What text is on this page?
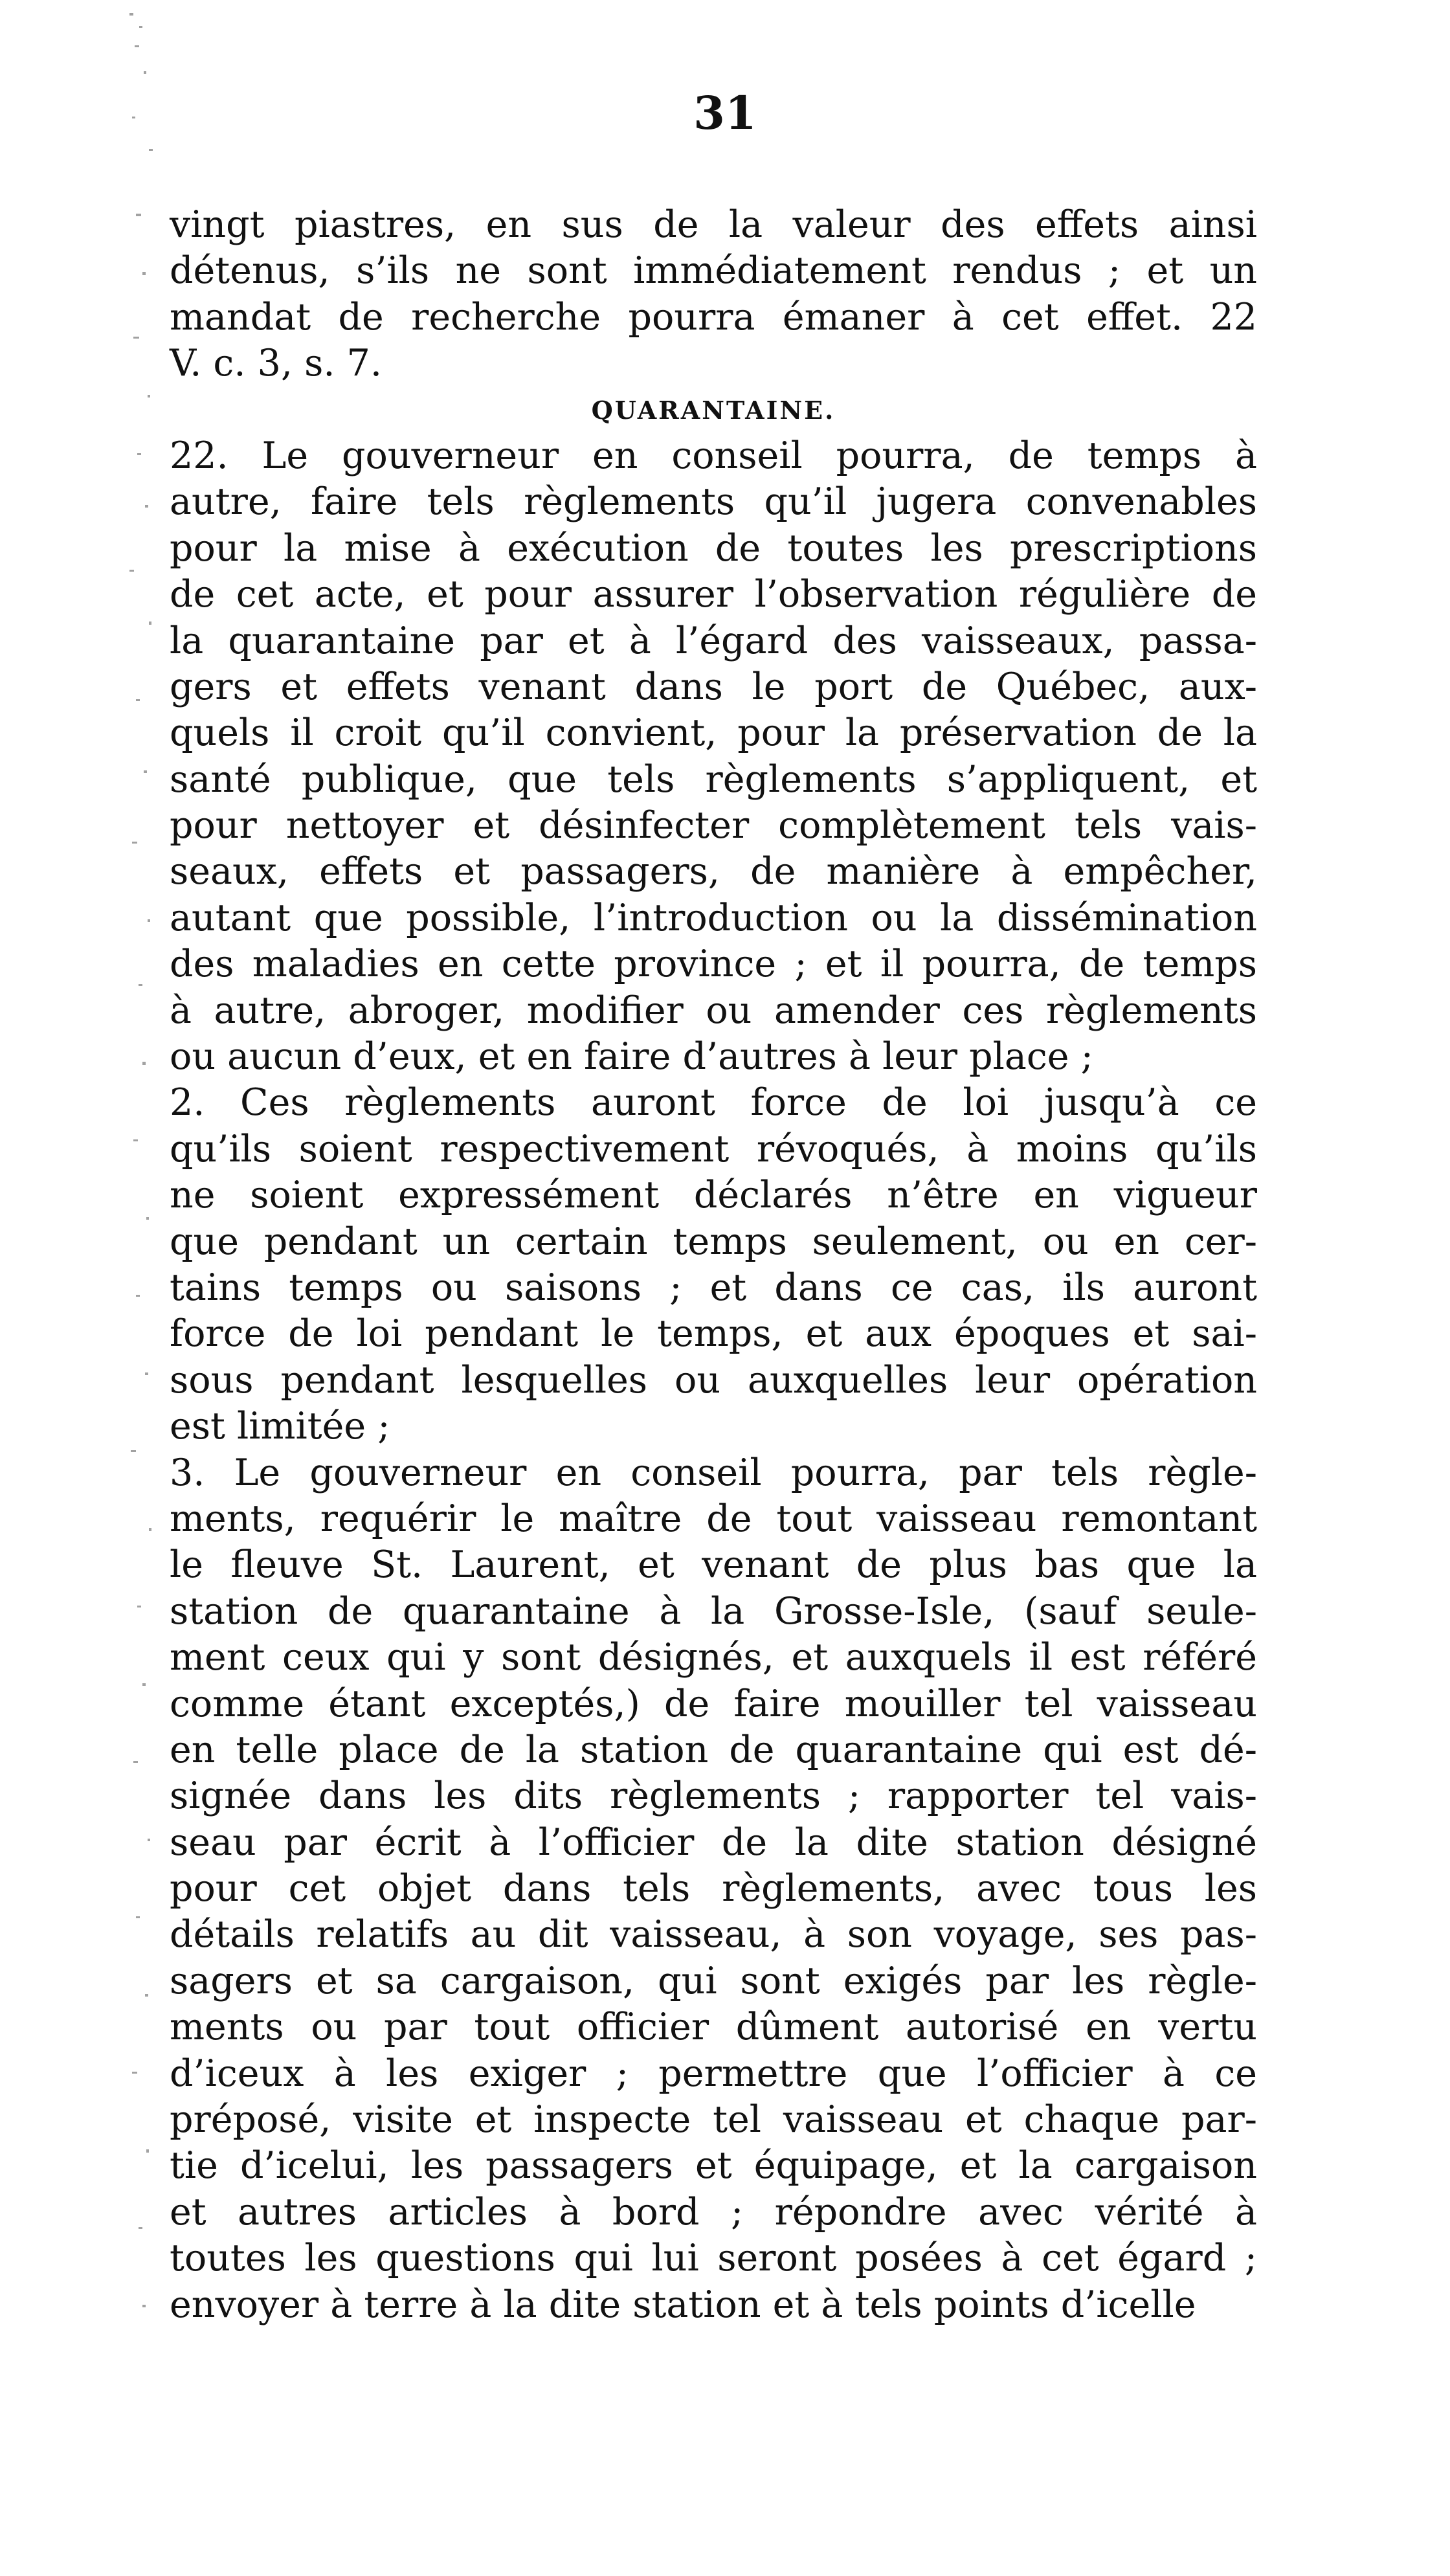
31
vingt piastres, en sus de la valeur des effets ainsi
détenus, s’ils ne sont immédiatement rendus ; et un
mandat de recherche pourra émaner à cet effet. 22
V. c. 3, s. 7.
QUARANTAINE.
22. Le gouverneur en conseil pourra, de temps à
autre, faire tels règlements qu’il jugera convenables
pour la mise à exécution de toutes les prescriptions
de cet acte, et pour assurer l’observation régulière de
la quarantaine par et à l’égard des vaisseaux, passa-
gers et effets venant dans le port de Québec, aux-
quels il croit qu’il convient, pour la préservation de la
santé publique, que tels règlements s’appliquent, et
pour nettoyer et désinfecter complètement tels vais-
seaux, effets et passagers, de manière à empêcher,
autant que possible, l’introduction ou la dissémination
des maladies en cette province ; et il pourra, de temps
à autre, abroger, modifier ou amender ces règlements
ou aucun d’eux, et en faire d’autres à leur place ;
2. Ces règlements auront force de loi jusqu’à ce
qu’ils soient respectivement révoqués, à moins qu’ils
ne soient expressément déclarés n’être en vigueur
que pendant un certain temps seulement, ou en cer-
tains temps ou saisons ; et dans ce cas, ils auront
force de loi pendant le temps, et aux époques et sai-
sous pendant lesquelles ou auxquelles leur opération
est limitée ;
3. Le gouverneur en conseil pourra, par tels règle-
ments, requérir le maître de tout vaisseau remontant
le fleuve St. Laurent, et venant de plus bas que la
station de quarantaine à la Grosse-Isle, (sauf seule-
ment ceux qui y sont désignés, et auxquels il est référé
comme étant exceptés,) de faire mouiller tel vaisseau
en telle place de la station de quarantaine qui est dé-
signée dans les dits règlements ; rapporter tel vais-
seau par écrit à l’officier de la dite station désigné
pour cet objet dans tels règlements, avec tous les
détails relatifs au dit vaisseau, à son voyage, ses pas-
sagers et sa cargaison, qui sont exigés par les règle-
ments ou par tout officier dûment autorisé en vertu
d’iceux à les exiger ; permettre que l’officier à ce
préposé, visite et inspecte tel vaisseau et chaque par-
tie d’icelui, les passagers et équipage, et la cargaison
et autres articles à bord ; répondre avec vérité à
toutes les questions qui lui seront posées à cet égard ;
envoyer à terre à la dite station et à tels points d’icelle
